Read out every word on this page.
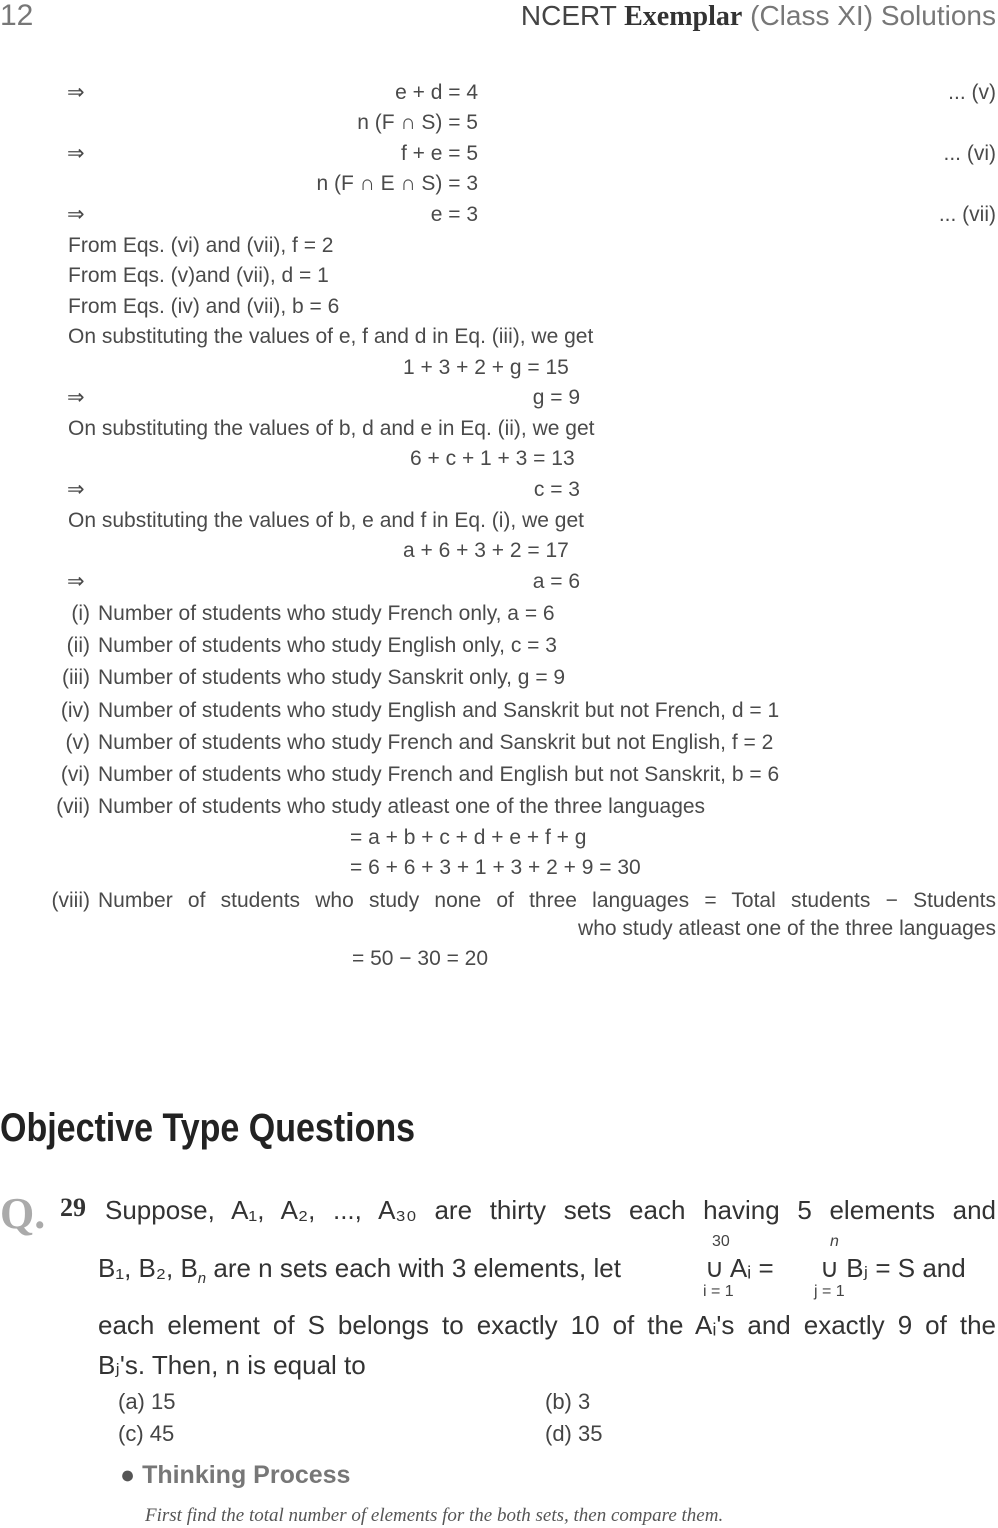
12	NCERT Exemplar (Class XI) Solutions
⇒	e + d = 4	... (v)
n (F ∩ S) = 5
⇒	f + e = 5	... (vi)
n (F ∩ E ∩ S) = 3
⇒	e = 3	... (vii)
From Eqs. (vi) and (vii), f = 2
From Eqs. (v)and (vii), d = 1
From Eqs. (iv) and (vii), b = 6
On substituting the values of e, f and d in Eq. (iii), we get
1 + 3 + 2 + g = 15
⇒	g = 9
On substituting the values of b, d and e in Eq. (ii), we get
6 + c + 1 + 3 = 13
⇒	c = 3
On substituting the values of b, e and f in Eq. (i), we get
a + 6 + 3 + 2 = 17
⇒	a = 6
(i) Number of students who study French only, a = 6
(ii) Number of students who study English only, c = 3
(iii) Number of students who study Sanskrit only, g = 9
(iv) Number of students who study English and Sanskrit but not French, d = 1
(v) Number of students who study French and Sanskrit but not English, f = 2
(vi) Number of students who study French and English but not Sanskrit, b = 6
(vii) Number of students who study atleast one of the three languages
= a + b + c + d + e + f + g
= 6 + 6 + 3 + 1 + 3 + 2 + 9 = 30
(viii) Number of students who study none of three languages = Total students − Students
who study atleast one of the three languages
= 50 − 30 = 20
Objective Type Questions
Q. 29 Suppose, A₁, A₂, ..., A₃₀ are thirty sets each having 5 elements and
B₁, B₂, $B_n$ are n sets each with 3 elements, let
30
∪ Aᵢ =
i = 1
n
∪ Bⱼ = S and
j = 1
each element of S belongs to exactly 10 of the Aᵢ's and exactly 9 of the
Bⱼ's. Then, n is equal to
(a) 15	(b) 3
(c) 45	(d) 35
● Thinking Process
First find the total number of elements for the both sets, then compare them.
